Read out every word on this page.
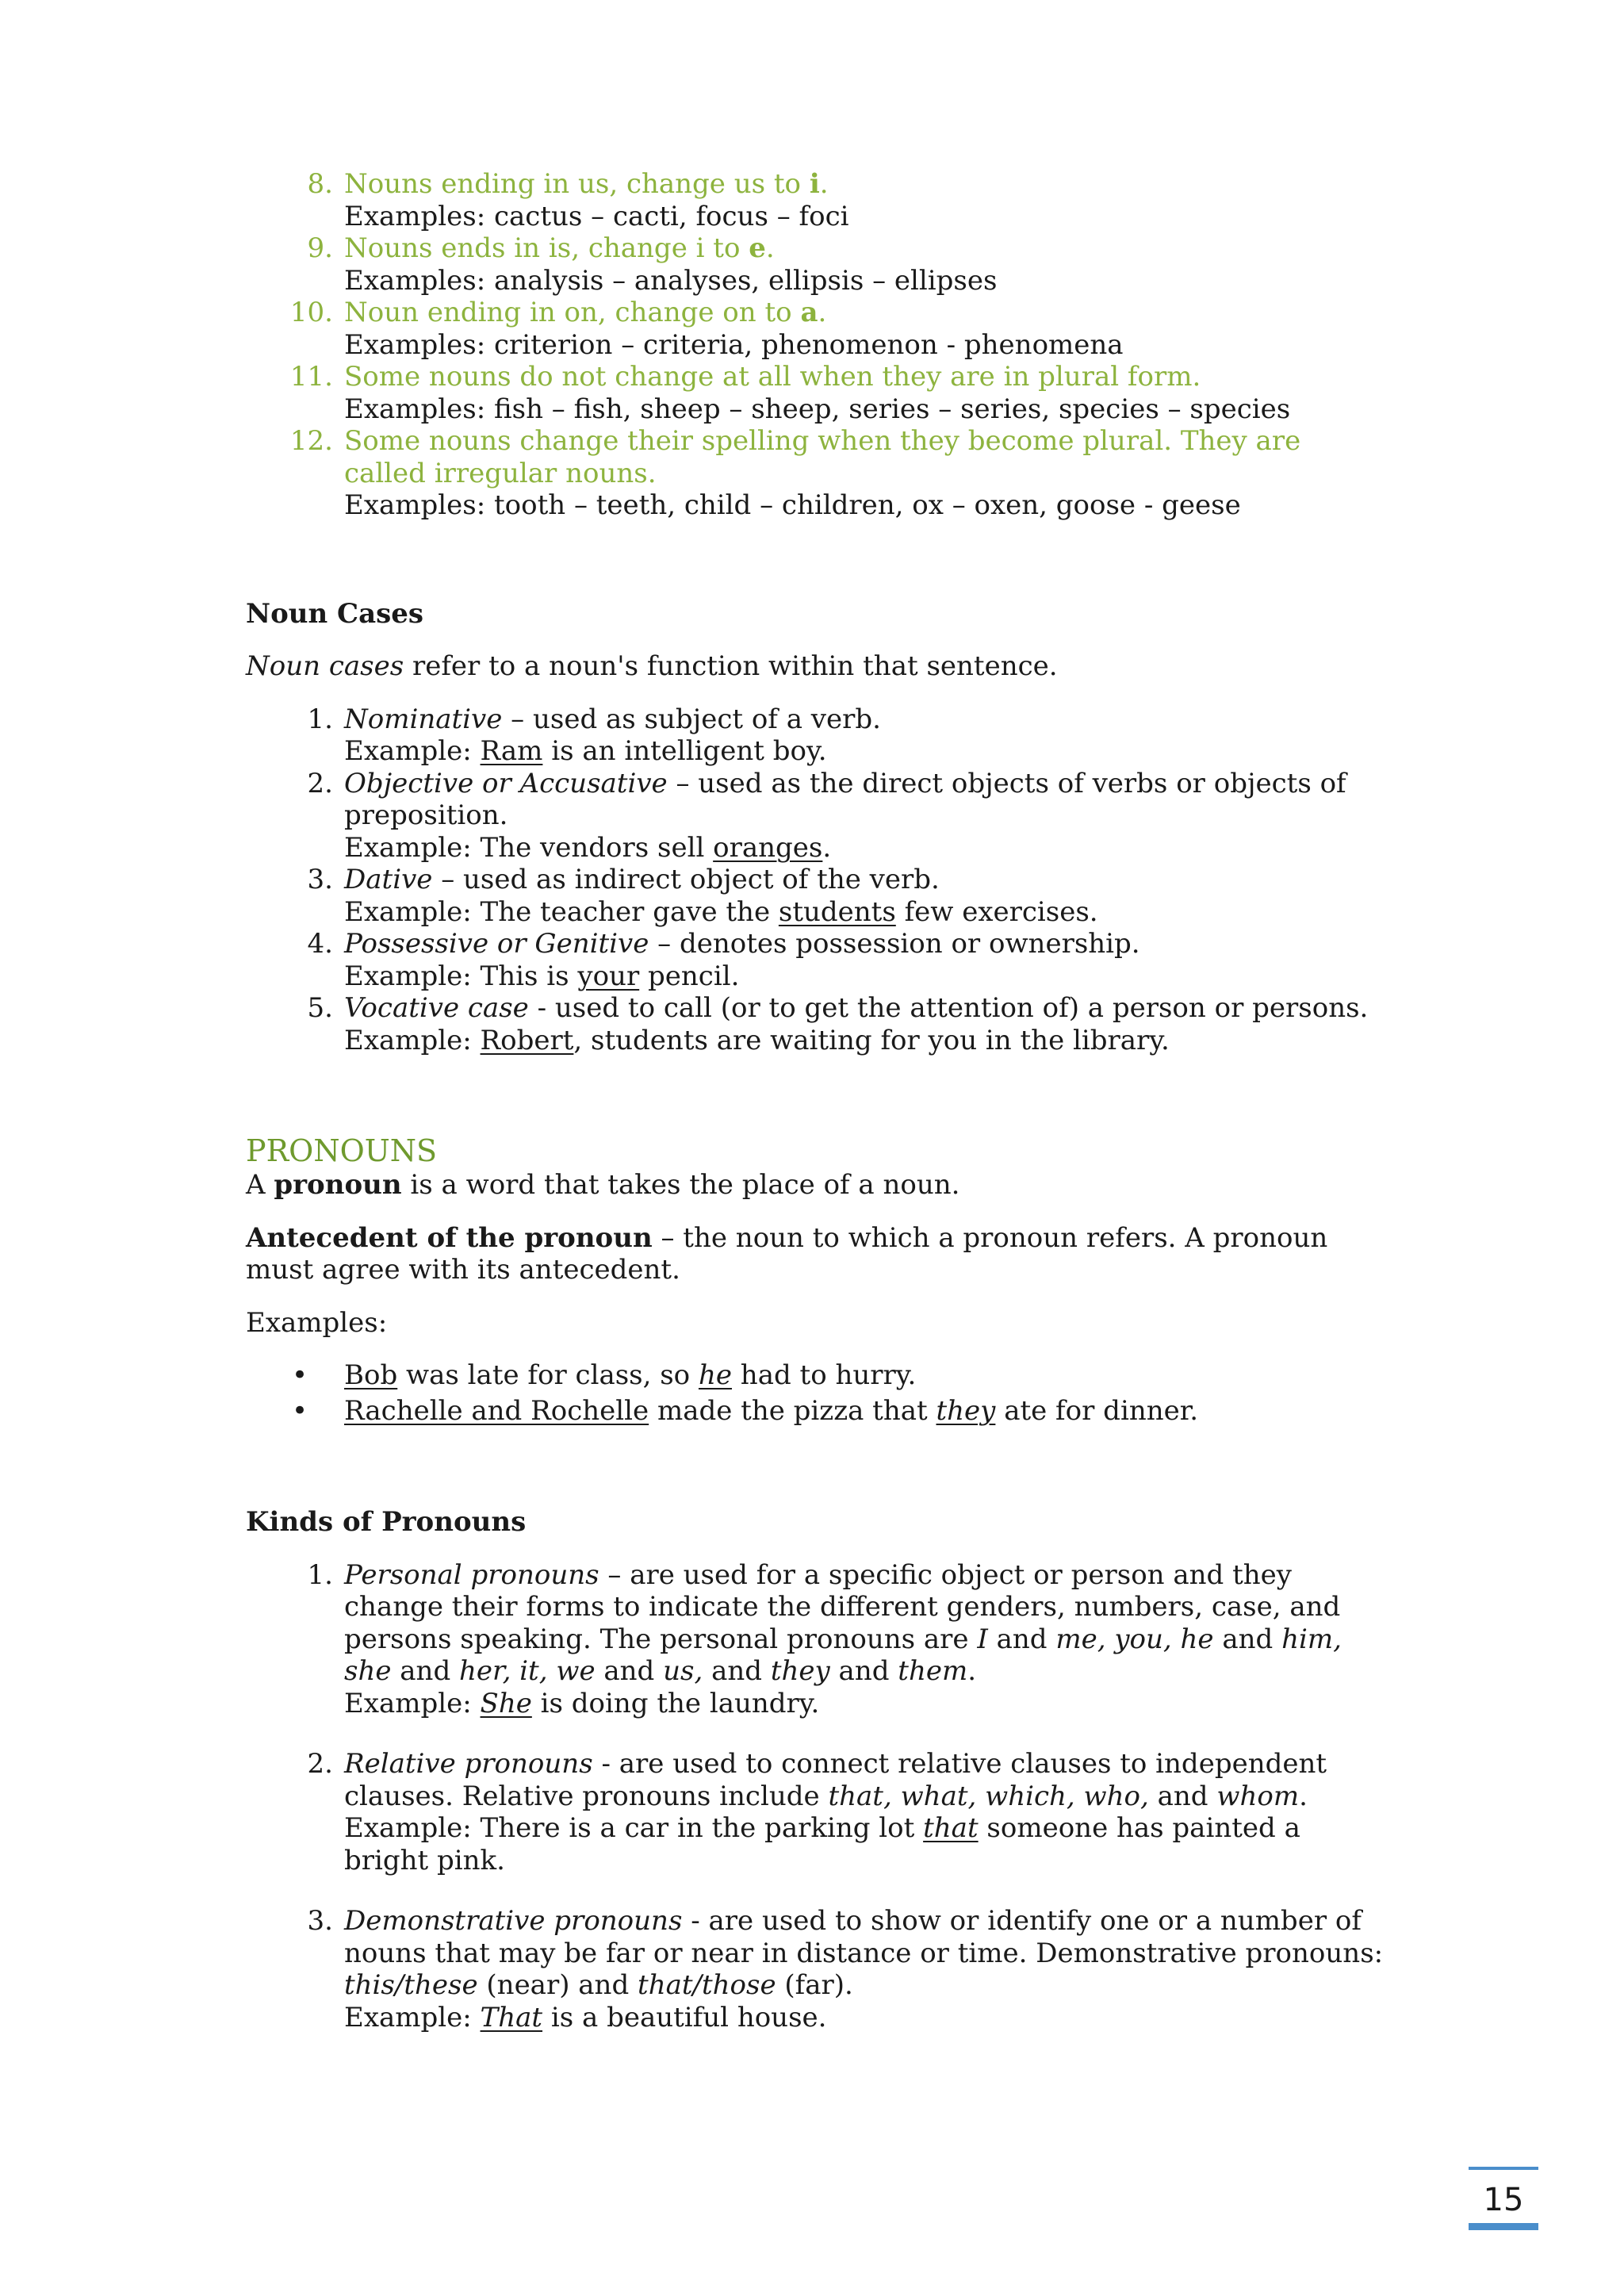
8. Nouns ending in us, change us to i.
Examples: cactus – cacti, focus – foci
9. Nouns ends in is, change i to e.
Examples: analysis – analyses, ellipsis – ellipses
10. Noun ending in on, change on to a.
Examples: criterion – criteria, phenomenon - phenomena
11. Some nouns do not change at all when they are in plural form.
Examples: fish – fish, sheep – sheep, series – series, species – species
12. Some nouns change their spelling when they become plural. They are called irregular nouns.
Examples: tooth – teeth, child – children, ox – oxen, goose - geese

Noun Cases

Noun cases refer to a noun's function within that sentence.

1. Nominative – used as subject of a verb.
Example: Ram is an intelligent boy.
2. Objective or Accusative – used as the direct objects of verbs or objects of preposition.
Example: The vendors sell oranges.
3. Dative – used as indirect object of the verb.
Example: The teacher gave the students few exercises.
4. Possessive or Genitive – denotes possession or ownership.
Example: This is your pencil.
5. Vocative case - used to call (or to get the attention of) a person or persons.
Example: Robert, students are waiting for you in the library.

PRONOUNS

A pronoun is a word that takes the place of a noun.

Antecedent of the pronoun – the noun to which a pronoun refers. A pronoun must agree with its antecedent.

Examples:

• Bob was late for class, so he had to hurry.
• Rachelle and Rochelle made the pizza that they ate for dinner.

Kinds of Pronouns

1. Personal pronouns – are used for a specific object or person and they change their forms to indicate the different genders, numbers, case, and persons speaking. The personal pronouns are I and me, you, he and him, she and her, it, we and us, and they and them.
Example: She is doing the laundry.
2. Relative pronouns - are used to connect relative clauses to independent clauses. Relative pronouns include that, what, which, who, and whom.
Example: There is a car in the parking lot that someone has painted a bright pink.
3. Demonstrative pronouns - are used to show or identify one or a number of nouns that may be far or near in distance or time. Demonstrative pronouns: this/these (near) and that/those (far).
Example: That is a beautiful house.
15
